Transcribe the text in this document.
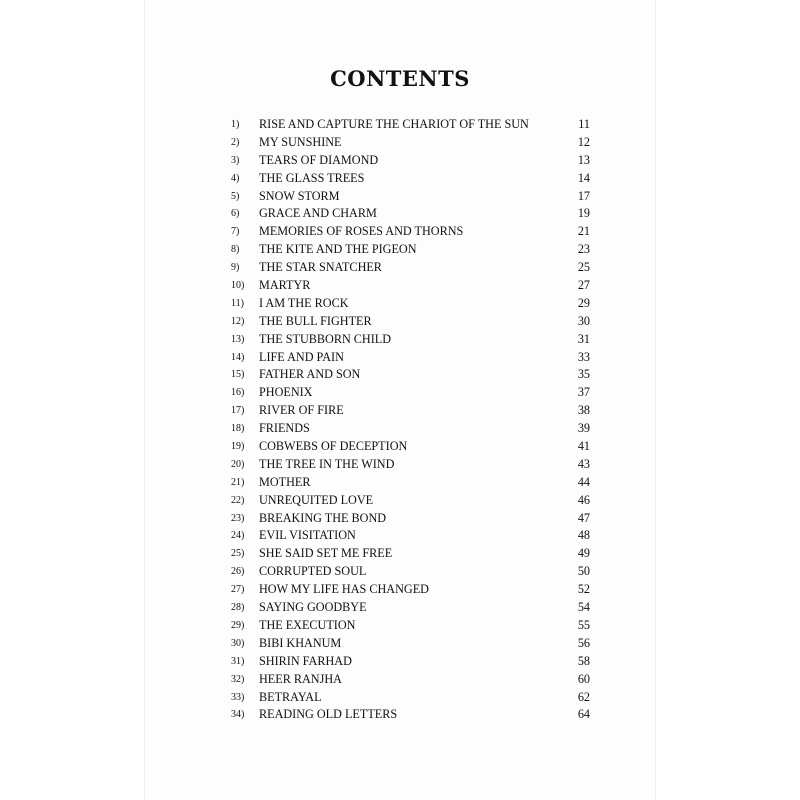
CONTENTS
1)	RISE AND CAPTURE THE CHARIOT OF THE SUN	11
2)	MY SUNSHINE	12
3)	TEARS OF DIAMOND	13
4)	THE GLASS TREES	14
5)	SNOW STORM	17
6)	GRACE AND CHARM	19
7)	MEMORIES OF ROSES AND THORNS	21
8)	THE KITE AND THE PIGEON	23
9)	THE STAR SNATCHER	25
10)	MARTYR	27
11)	I AM THE ROCK	29
12)	THE BULL FIGHTER	30
13)	THE STUBBORN CHILD	31
14)	LIFE AND PAIN	33
15)	FATHER AND SON	35
16)	PHOENIX	37
17)	RIVER OF FIRE	38
18)	FRIENDS	39
19)	COBWEBS OF DECEPTION	41
20)	THE TREE IN THE WIND	43
21)	MOTHER	44
22)	UNREQUITED LOVE	46
23)	BREAKING THE BOND	47
24)	EVIL VISITATION	48
25)	SHE SAID SET ME FREE	49
26)	CORRUPTED SOUL	50
27)	HOW MY LIFE HAS CHANGED	52
28)	SAYING GOODBYE	54
29)	THE EXECUTION	55
30)	BIBI KHANUM	56
31)	SHIRIN FARHAD	58
32)	HEER RANJHA	60
33)	BETRAYAL	62
34)	READING OLD LETTERS	64
